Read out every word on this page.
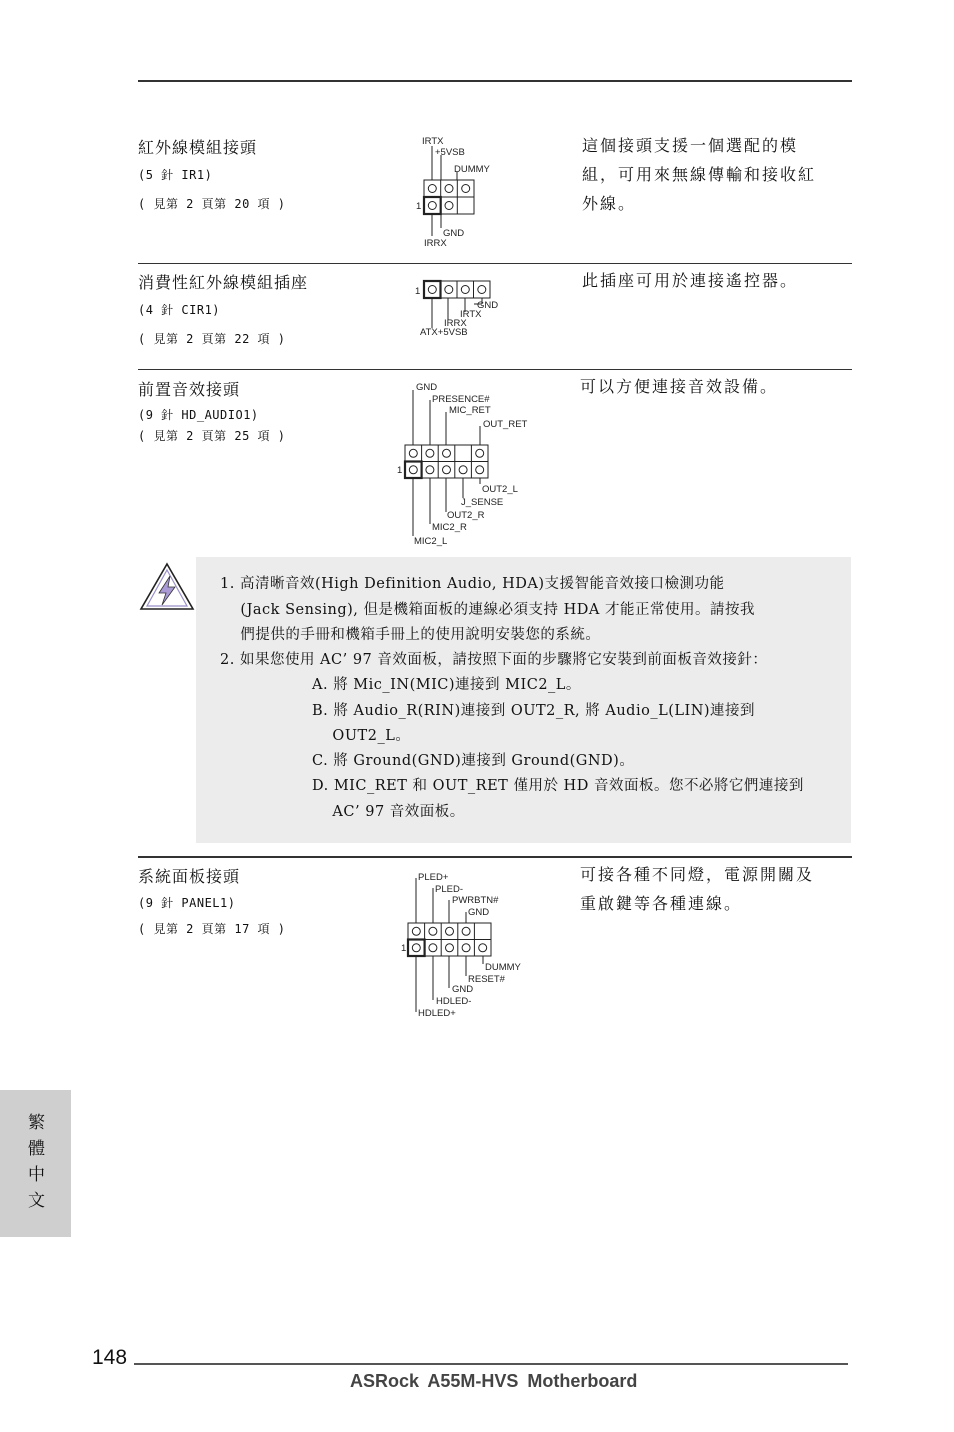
紅外線模組接頭
(5 針 IR1)
( 見第 2 頁第 20 項 )
這個接頭支援一個選配的模
組，可用來無線傳輸和接收紅
外線。
IRTX
+5VSB
DUMMY
1
GND
IRRX
消費性紅外線模組插座
(4 針 CIR1)
( 見第 2 頁第 22 項 )
此插座可用於連接遙控器。
1
GND
IRTX
IRRX
ATX+5VSB
前置音效接頭
(9 針 HD_AUDIO1)
( 見第 2 頁第 25 項 )
可以方便連接音效設備。
GND
PRESENCE#
MIC_RET
OUT_RET
1
OUT2_L
J_SENSE
OUT2_R
MIC2_R
MIC2_L
1. 高清晰音效(High Definition Audio, HDA)支援智能音效接口檢測功能
(Jack Sensing), 但是機箱面板的連線必須支持 HDA 才能正常使用。請按我
們提供的手冊和機箱手冊上的使用說明安裝您的系統。
2. 如果您使用 AC’ 97 音效面板，請按照下面的步驟將它安裝到前面板音效接針：
A. 將 Mic_IN(MIC)連接到 MIC2_L。
B. 將 Audio_R(RIN)連接到 OUT2_R, 將 Audio_L(LIN)連接到
OUT2_L。
C. 將 Ground(GND)連接到 Ground(GND)。
D. MIC_RET 和 OUT_RET 僅用於 HD 音效面板。您不必將它們連接到
AC’ 97 音效面板。
系統面板接頭
(9 針 PANEL1)
( 見第 2 頁第 17 項 )
可接各種不同燈，電源開關及
重啟鍵等各種連線。
PLED+
PLED-
PWRBTN#
GND
1
DUMMY
RESET#
GND
HDLED-
HDLED+
繁體中文
148
ASRock A55M-HVS Motherboard
